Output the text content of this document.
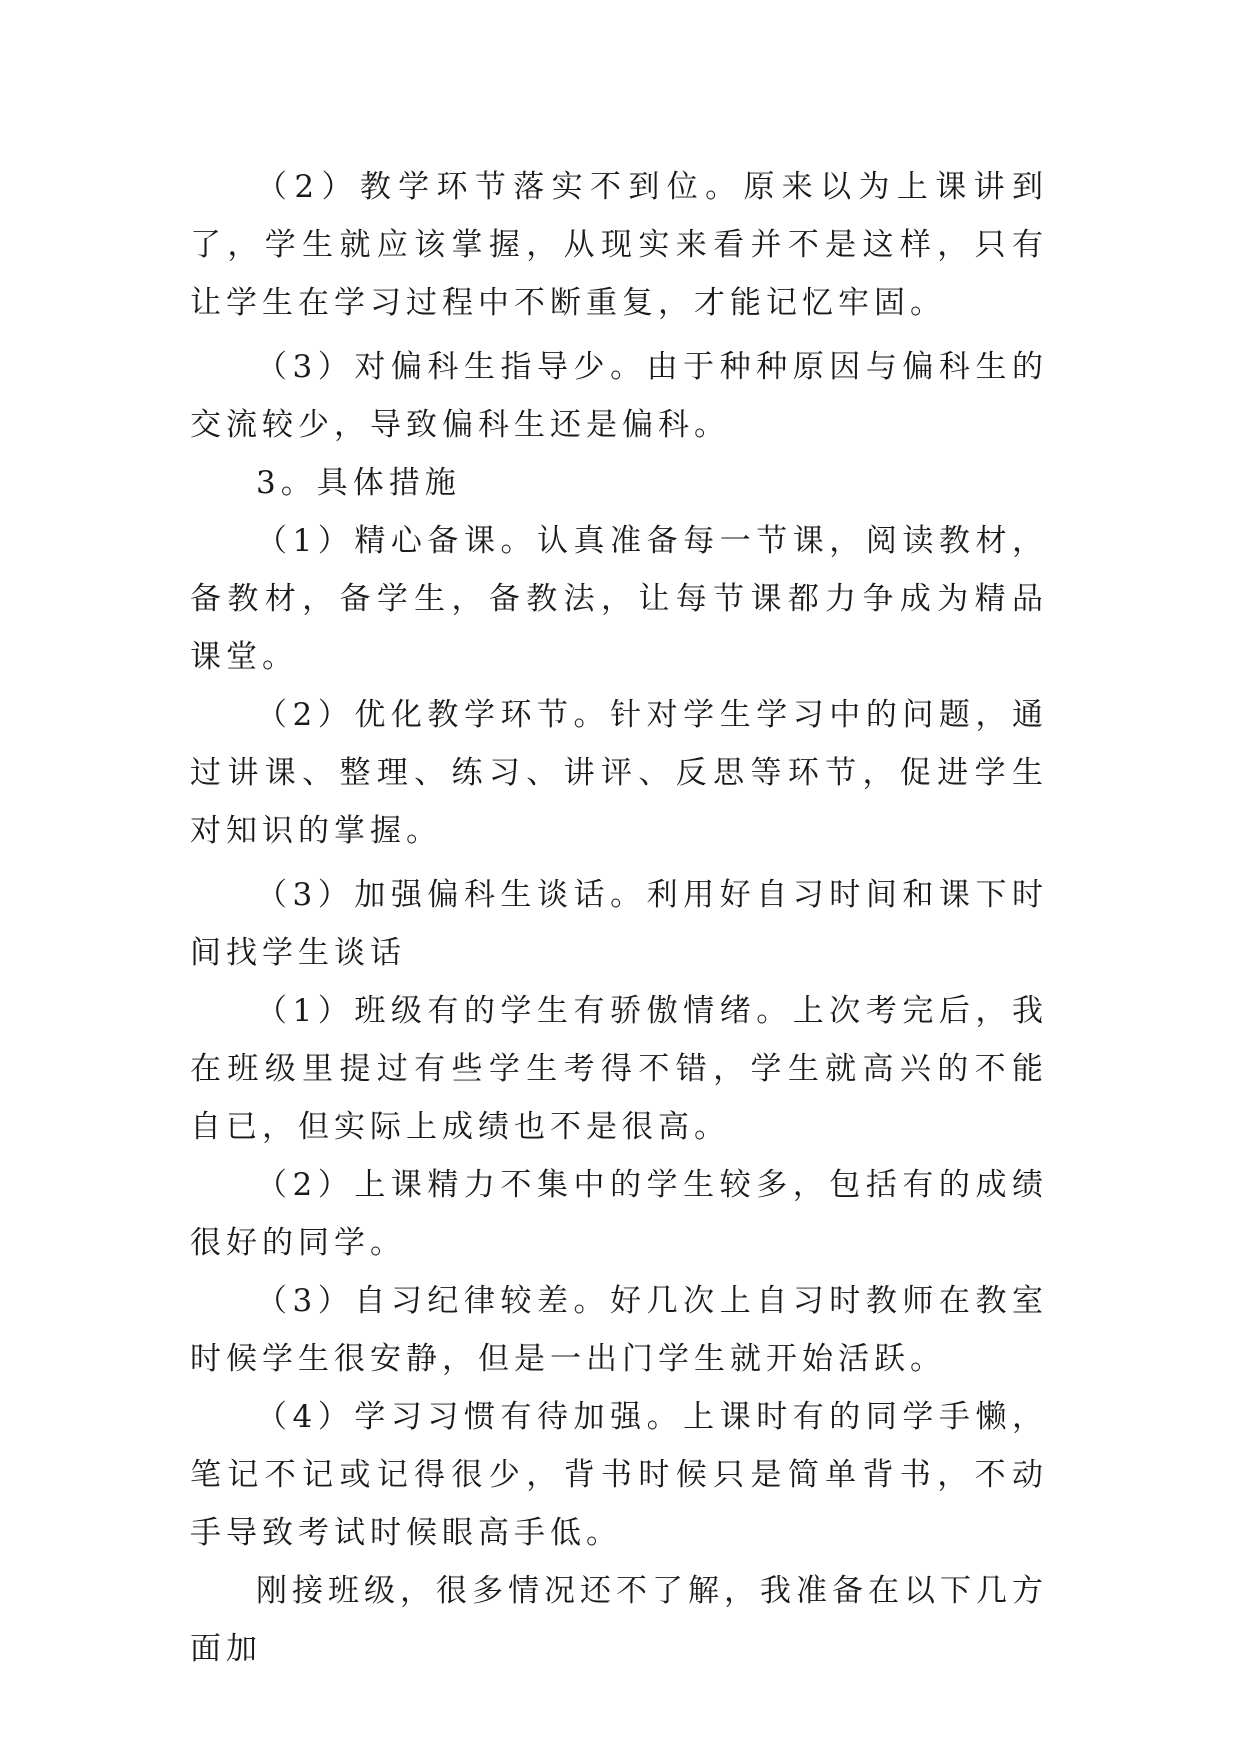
（2）教学环节落实不到位。原来以为上课讲到了，学生就应该掌握，从现实来看并不是这样，只有让学生在学习过程中不断重复，才能记忆牢固。

（3）对偏科生指导少。由于种种原因与偏科生的交流较少，导致偏科生还是偏科。

3。具体措施

（1）精心备课。认真准备每一节课，阅读教材，备教材，备学生，备教法，让每节课都力争成为精品课堂。

（2）优化教学环节。针对学生学习中的问题，通过讲课、整理、练习、讲评、反思等环节，促进学生对知识的掌握。

（3）加强偏科生谈话。利用好自习时间和课下时间找学生谈话

（1）班级有的学生有骄傲情绪。上次考完后，我在班级里提过有些学生考得不错，学生就高兴的不能自已，但实际上成绩也不是很高。

（2）上课精力不集中的学生较多，包括有的成绩很好的同学。

（3）自习纪律较差。好几次上自习时教师在教室时候学生很安静，但是一出门学生就开始活跃。

（4）学习习惯有待加强。上课时有的同学手懒，笔记不记或记得很少，背书时候只是简单背书，不动手导致考试时候眼高手低。

刚接班级，很多情况还不了解，我准备在以下几方面加
